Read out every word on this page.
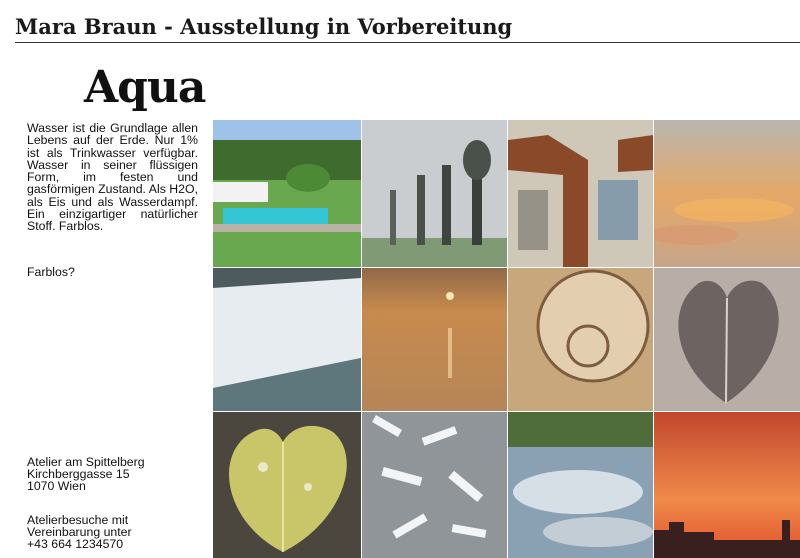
Mara Braun - Ausstellung in Vorbereitung
Aqua
Wasser ist die Grundlage allen Lebens auf der Erde. Nur 1% ist als Trinkwasser verfügbar. Wasser in seiner flüssigen Form, im festen und gasförmigen Zustand. Als H2O, als Eis und als Wasserdampf. Ein einzigartiger natürlicher Stoff. Farblos.
Farblos?
Atelier am Spittelberg
Kirchberggasse 15
1070 Wien
Atelierbesuche mit
Vereinbarung unter
+43 664 1234570
